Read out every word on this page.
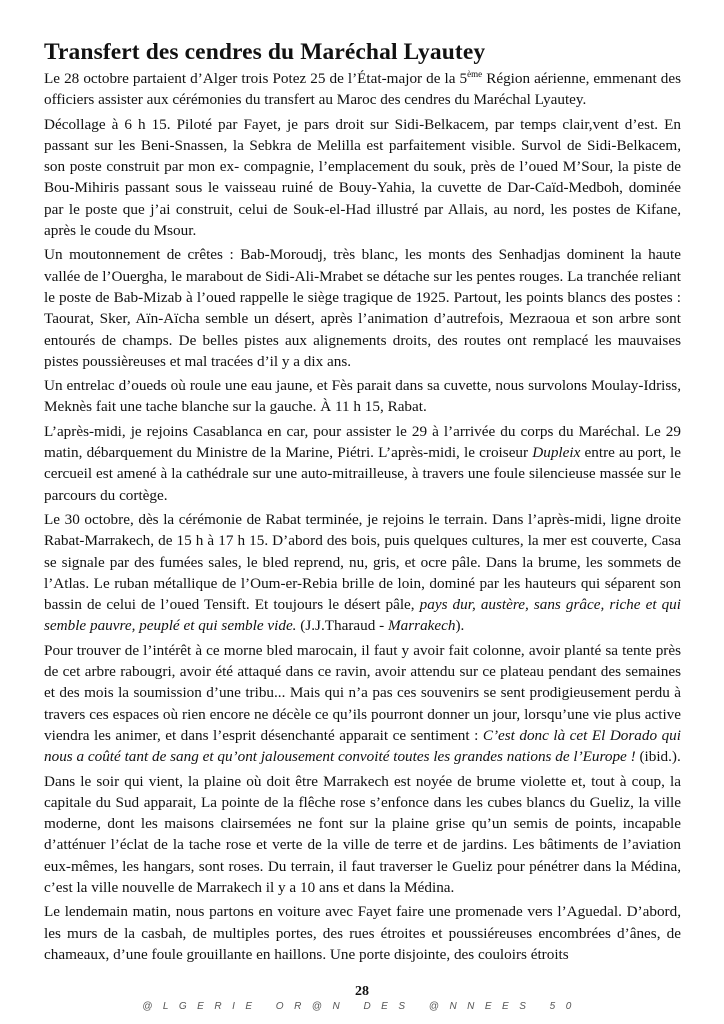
Transfert des cendres du Maréchal Lyautey

Le 28 octobre partaient d’Alger trois Potez 25 de l’État-major de la 5ème Région aérienne, emmenant des officiers assister aux cérémonies du transfert au Maroc des cendres du Maréchal Lyautey.

Décollage à 6 h 15. Piloté par Fayet, je pars droit sur Sidi-Belkacem, par temps clair,vent d’est. En passant sur les Beni-Snassen, la Sebkra de Melilla est parfaitement visible. Survol de Sidi-Belkacem, son poste construit par mon ex- compagnie, l’emplacement du souk, près de l’oued M’Sour, la piste de Bou-Mihiris passant sous le vaisseau ruiné de Bouy-Yahia, la cuvette de Dar-Caïd-Medboh, dominée par le poste que j’ai construit, celui de Souk-el-Had illustré par Allais, au nord, les postes de Kifane, après le coude du Msour.

Un moutonnement de crêtes : Bab-Moroudj, très blanc, les monts des Senhadjas dominent la haute vallée de l’Ouergha, le marabout de Sidi-Ali-Mrabet se détache sur les pentes rouges. La tranchée reliant le poste de Bab-Mizab à l’oued rappelle le siège tragique de 1925. Partout, les points blancs des postes : Taourat, Sker, Aïn-Aïcha semble un désert, après l’animation d’autrefois, Mezraoua et son arbre sont entourés de champs. De belles pistes aux alignements droits, des routes ont remplacé les mauvaises pistes poussièreuses et mal tracées d’il y a dix ans.

Un entrelac d’oueds où roule une eau jaune, et Fès parait dans sa cuvette, nous survolons Moulay-Idriss, Meknès fait une tache blanche sur la gauche. À 11 h 15, Rabat.

L’après-midi, je rejoins Casablanca en car, pour assister le 29 à l’arrivée du corps du Maréchal. Le 29 matin, débarquement du Ministre de la Marine, Piétri. L’après-midi, le croiseur Dupleix entre au port, le cercueil est amené à la cathédrale sur une auto-mitrailleuse, à travers une foule silencieuse massée sur le parcours du cortège.

Le 30 octobre, dès la cérémonie de Rabat terminée, je rejoins le terrain. Dans l’après-midi, ligne droite Rabat-Marrakech, de 15 h à 17 h 15. D’abord des bois, puis quelques cultures, la mer est couverte, Casa se signale par des fumées sales, le bled reprend, nu, gris, et ocre pâle. Dans la brume, les sommets de l’Atlas. Le ruban métallique de l’Oum-er-Rebia brille de loin, dominé par les hauteurs qui séparent son bassin de celui de l’oued Tensift. Et toujours le désert pâle, pays dur, austère, sans grâce, riche et qui semble pauvre, peuplé et qui semble vide. (J.J.Tharaud - Marrakech).

Pour trouver de l’intérêt à ce morne bled marocain, il faut y avoir fait colonne, avoir planté sa tente près de cet arbre rabougri, avoir été attaqué dans ce ravin, avoir attendu sur ce plateau pendant des semaines et des mois la soumission d’une tribu... Mais qui n’a pas ces souvenirs se sent prodigieusement perdu à travers ces espaces où rien encore ne décèle ce qu’ils pourront donner un jour, lorsqu’une vie plus active viendra les animer, et dans l’esprit désenchanté apparait ce sentiment : C’est donc là cet El Dorado qui nous a coûté tant de sang et qu’ont jalousement convoité toutes les grandes nations de l’Europe ! (ibid.).

Dans le soir qui vient, la plaine où doit être Marrakech est noyée de brume violette et, tout à coup, la capitale du Sud apparait, La pointe de la flêche rose s’enfonce dans les cubes blancs du Gueliz, la ville moderne, dont les maisons clairsemées ne font sur la plaine grise qu’un semis de points, incapable d’atténuer l’éclat de la tache rose et verte de la ville de terre et de jardins. Les bâtiments de l’aviation eux-mêmes, les hangars, sont roses. Du terrain, il faut traverser le Gueliz pour pénétrer dans la Médina, c’est la ville nouvelle de Marrakech il y a 10 ans et dans la Médina.

Le lendemain matin, nous partons en voiture avec Fayet faire une promenade vers l’Aguedal. D’abord, les murs de la casbah, de multiples portes, des rues étroites et poussiéreuses encombrées d’ânes, de chameaux, d’une foule grouillante en haillons. Une porte disjointe, des couloirs étroits

28
@LGERIE OR@N DES @NNEES 50
